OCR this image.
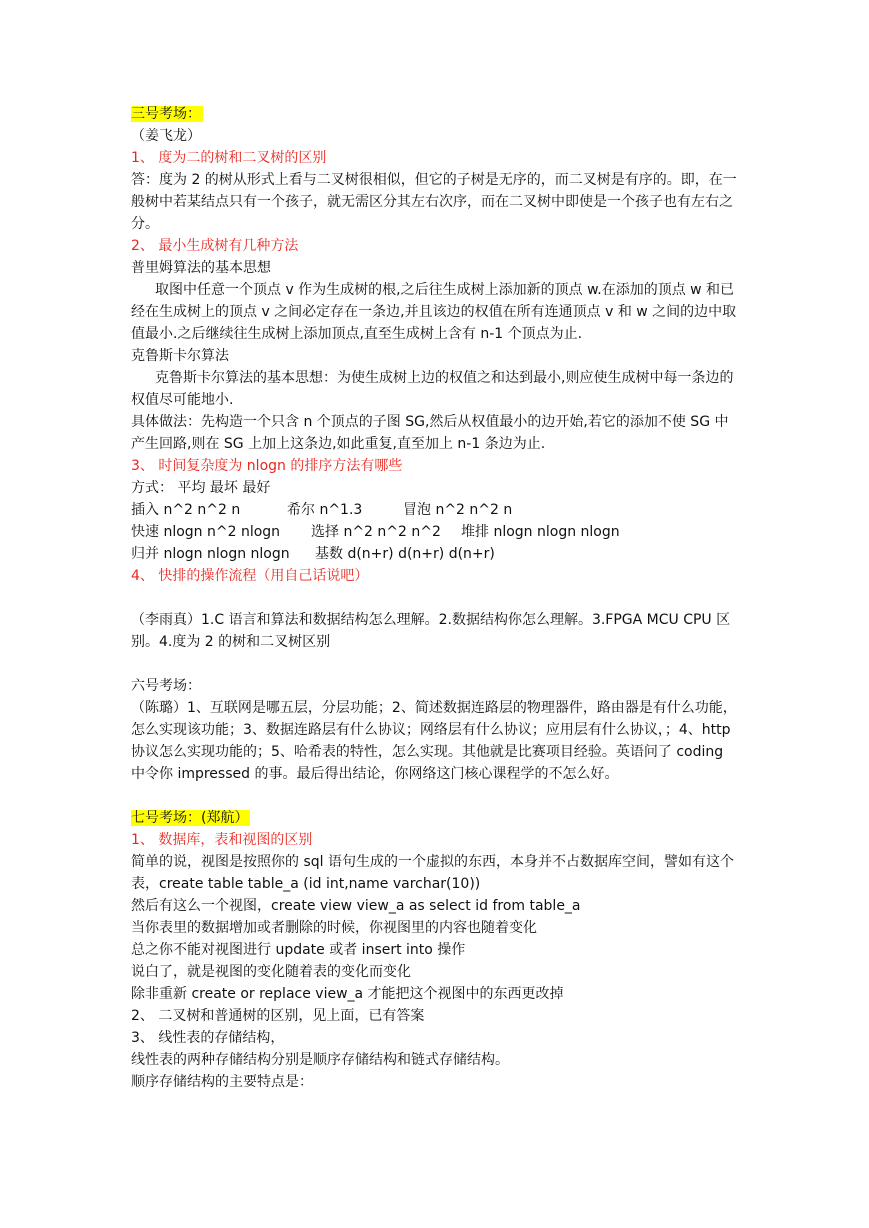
三号考场：
（姜飞龙）
1、 度为二的树和二叉树的区别
答：度为 2 的树从形式上看与二叉树很相似，但它的子树是无序的，而二叉树是有序的。即，在一般树中若某结点只有一个孩子，就无需区分其左右次序，而在二叉树中即使是一个孩子也有左右之分。
2、 最小生成树有几种方法
普里姆算法的基本思想
取图中任意一个顶点 v 作为生成树的根,之后往生成树上添加新的顶点 w.在添加的顶点 w 和已经在生成树上的顶点 v 之间必定存在一条边,并且该边的权值在所有连通顶点 v 和 w 之间的边中取值最小.之后继续往生成树上添加顶点,直至生成树上含有 n-1 个顶点为止.
克鲁斯卡尔算法
克鲁斯卡尔算法的基本思想：为使生成树上边的权值之和达到最小,则应使生成树中每一条边的权值尽可能地小.
具体做法：先构造一个只含 n 个顶点的子图 SG,然后从权值最小的边开始,若它的添加不使 SG 中产生回路,则在 SG 上加上这条边,如此重复,直至加上 n-1 条边为止.
3、 时间复杂度为 nlogn 的排序方法有哪些
方式： 平均 最坏 最好
插入 n^2 n^2 n	希尔 n^1.3	冒泡 n^2 n^2 n
快速 nlogn n^2 nlogn	选择 n^2 n^2 n^2	堆排 nlogn nlogn nlogn
归并 nlogn nlogn nlogn	基数 d(n+r) d(n+r) d(n+r)
4、 快排的操作流程（用自己话说吧）
（李雨真）1.C 语言和算法和数据结构怎么理解。2.数据结构你怎么理解。3.FPGA MCU CPU 区别。4.度为 2 的树和二叉树区别
六号考场：
（陈璐）1、互联网是哪五层，分层功能；2、简述数据连路层的物理器件，路由器是有什么功能，怎么实现该功能；3、数据连路层有什么协议；网络层有什么协议；应用层有什么协议，；4、http 协议怎么实现功能的；5、哈希表的特性，怎么实现。其他就是比赛项目经验。英语问了 coding 中令你 impressed 的事。最后得出结论，你网络这门核心课程学的不怎么好。
七号考场：(郑航）
1、 数据库，表和视图的区别
简单的说，视图是按照你的 sql 语句生成的一个虚拟的东西，本身并不占数据库空间，譬如有这个表，create table table_a (id int,name varchar(10))
然后有这么一个视图，create view view_a as select id from table_a
当你表里的数据增加或者删除的时候，你视图里的内容也随着变化
总之你不能对视图进行 update 或者 insert into 操作
说白了，就是视图的变化随着表的变化而变化
除非重新 create or replace view_a 才能把这个视图中的东西更改掉
2、 二叉树和普通树的区别，见上面，已有答案
3、 线性表的存储结构，
线性表的两种存储结构分别是顺序存储结构和链式存储结构。
顺序存储结构的主要特点是：
